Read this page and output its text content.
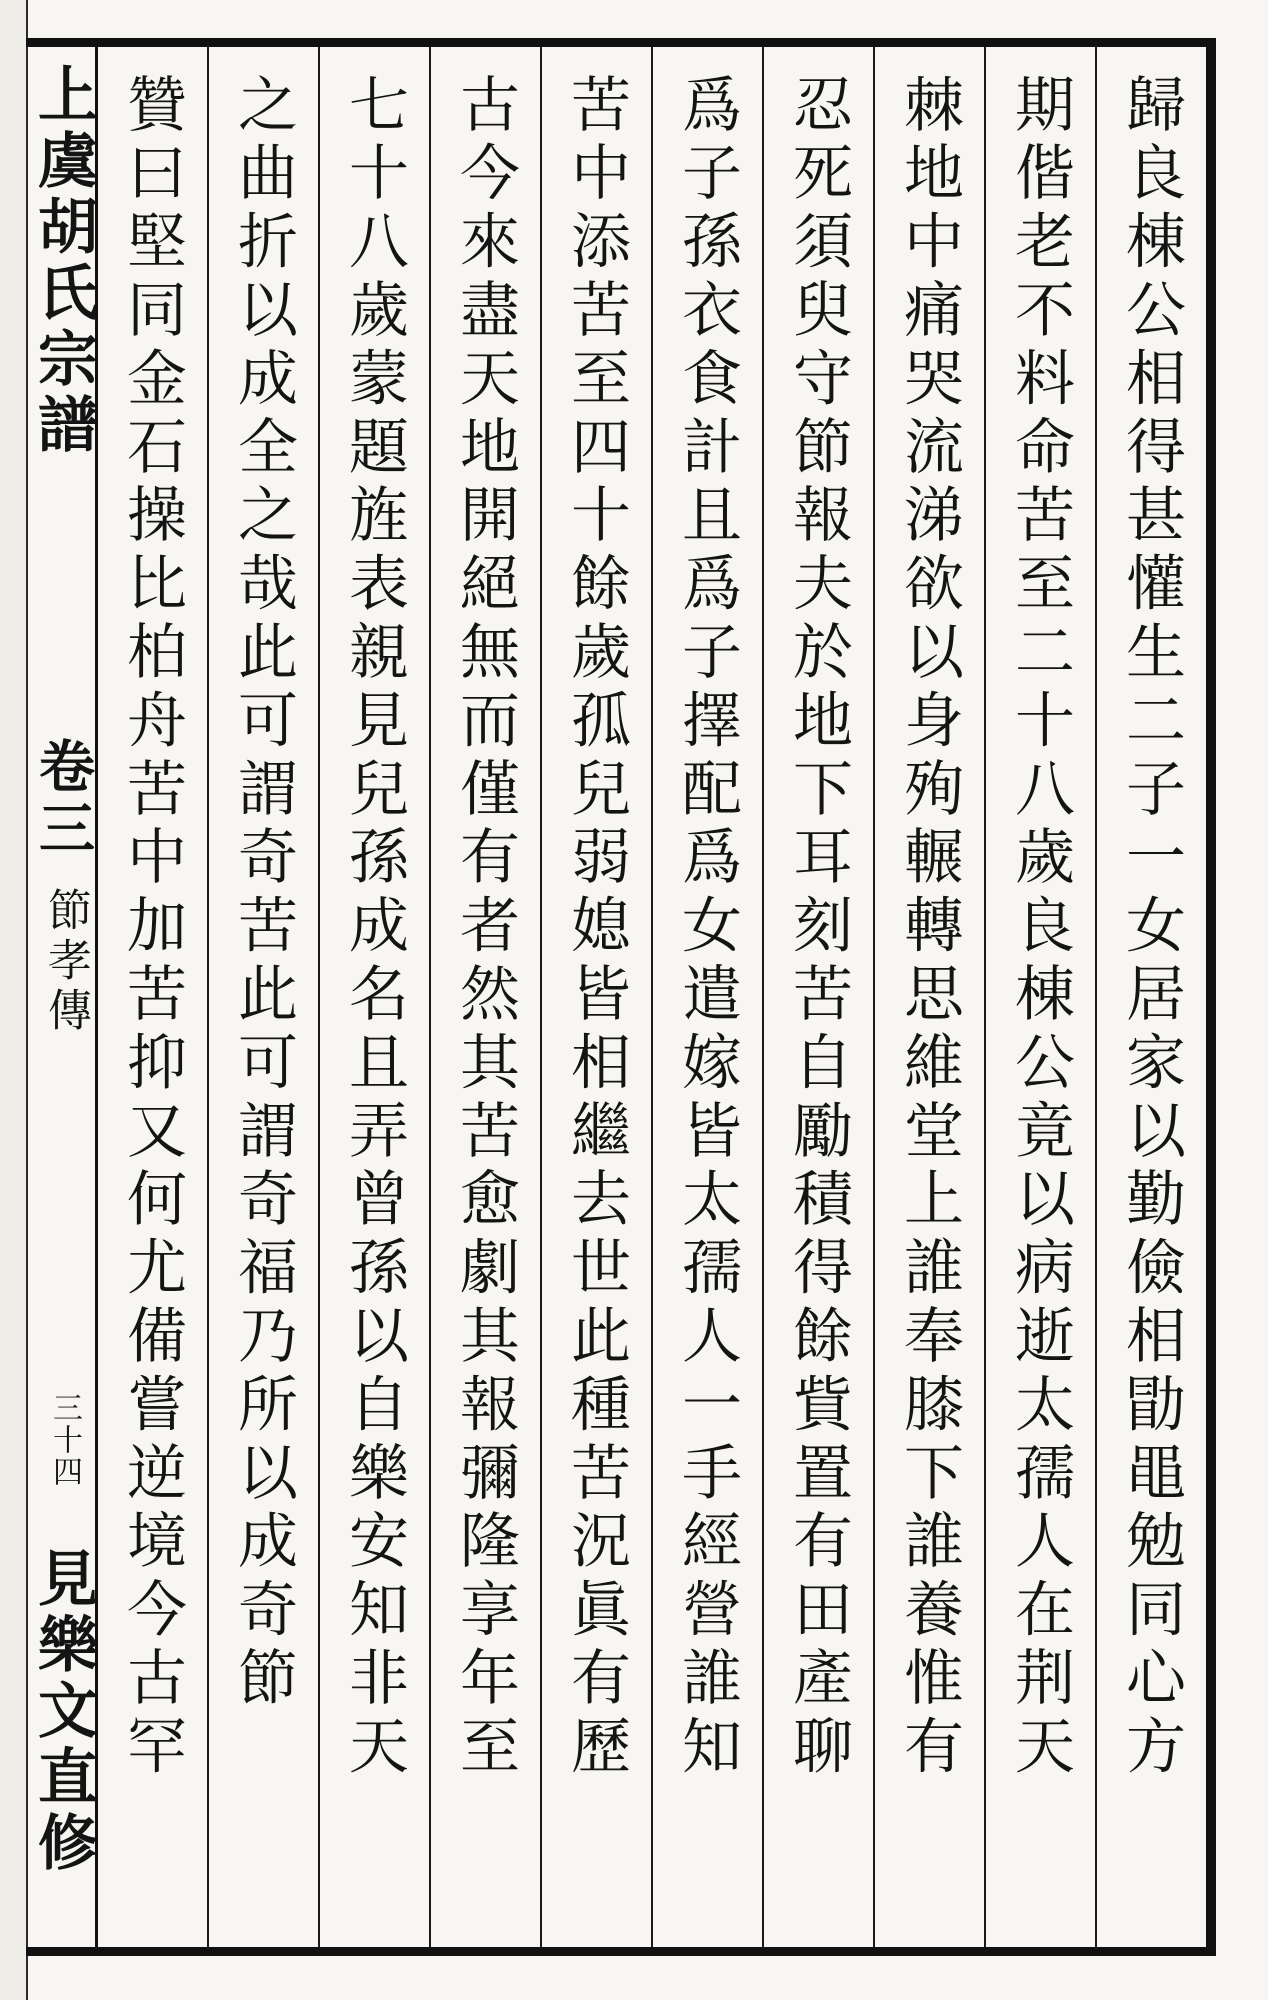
上虞胡氏宗譜
卷三
節孝傳
三十四
見樂文直修	歸良棟公相得甚懽生二子一女居家以勤儉相勖黽勉同心方
期偕老不料命苦至二十八歲良棟公竟以病逝太孺人在荆天
棘地中痛哭流涕欲以身殉輾轉思維堂上誰奉膝下誰養惟有
忍死須臾守節報夫於地下耳刻苦自勵積得餘貲置有田產聊
爲子孫衣食計且爲子擇配爲女遣嫁皆太孺人一手經營誰知
苦中添苦至四十餘歲孤兒弱媳皆相繼去世此種苦況眞有歷
古今來盡天地開絕無而僅有者然其苦愈劇其報彌隆享年至
七十八歲蒙題旌表親見兒孫成名且弄曾孫以自樂安知非天
之曲折以成全之哉此可謂奇苦此可謂奇福乃所以成奇節
贊曰堅同金石操比柏舟苦中加苦抑又何尤備嘗逆境今古罕
